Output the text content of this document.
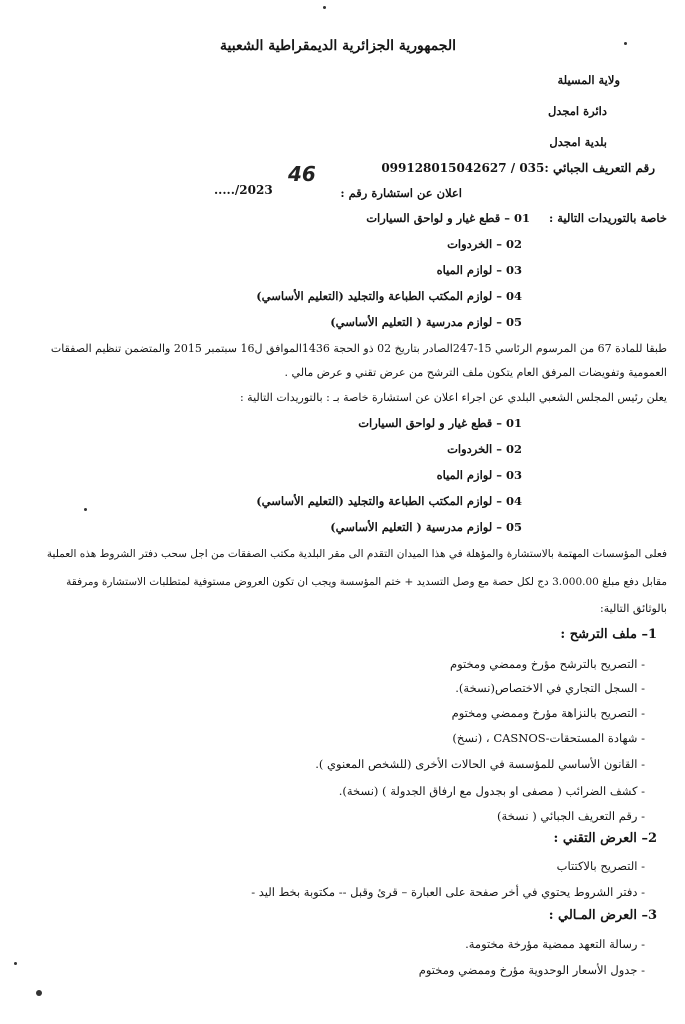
الجمهورية الجزائرية الديمقراطية الشعبية
ولاية المسيلة
دائرة امجدل
بلدية امجدل
رقم التعريف الجبائي :035 / 099128015042627
اعلان عن استشارة رقم :
46
...../2023
خاصة بالتوريدات التالية :
01 – قطع غيار و لواحق السيارات
02 – الخردوات
03 – لوازم المياه
04 – لوازم المكتب الطباعة والتجليد (التعليم الأساسي)
05 – لوازم مدرسية ( التعليم الأساسي)
طبقا للمادة 67 من المرسوم الرئاسي 15-247الصادر بتاريخ 02 ذو الحجة 1436الموافق ل16 سبتمبر 2015 والمتضمن تنظيم الصفقات
العمومية وتفويضات المرفق العام يتكون ملف الترشح من عرض تقني و عرض مالي .
يعلن رئيس المجلس الشعبي البلدي عن اجراء اعلان عن استشارة خاصة بـ : بالتوريدات التالية :
01 – قطع غيار و لواحق السيارات
02 – الخردوات
03 – لوازم المياه
04 – لوازم المكتب الطباعة والتجليد (التعليم الأساسي)
05 – لوازم مدرسية ( التعليم الأساسي)
فعلى المؤسسات المهتمة بالاستشارة والمؤهلة في هذا الميدان التقدم الى مقر البلدية مكتب الصفقات من اجل سحب دفتر الشروط هذه العملية
مقابل دفع مبلغ 3.000.00 دج لكل حصة مع وصل التسديد + ختم المؤسسة ويجب ان تكون العروض مستوفية لمتطلبات الاستشارة ومرفقة
بالوثائق التالية:
1– ملف الترشح :
- التصريح بالترشح مؤرخ وممضي ومختوم
- السجل التجاري في الاختصاص(نسخة).
- التصريح بالنزاهة مؤرخ وممضي ومختوم
- شهادة المستحقات-CASNOS ، (نسخ)
- القانون الأساسي للمؤسسة في الحالات الأخرى (للشخص المعنوي ).
- كشف الضرائب ( مصفى او بجدول مع ارفاق الجدولة ) (نسخة).
- رقم التعريف الجبائي ( نسخة)
2– العرض التقني :
- التصريح بالاكتتاب
- دفتر الشروط يحتوي في أخر صفحة على العبارة – قرئ وقبل -- مكتوبة بخط اليد -
3– العرض المـالي :
- رسالة التعهد ممضية مؤرخة مختومة.
- جدول الأسعار الوحدوية مؤرخ وممضي ومختوم
